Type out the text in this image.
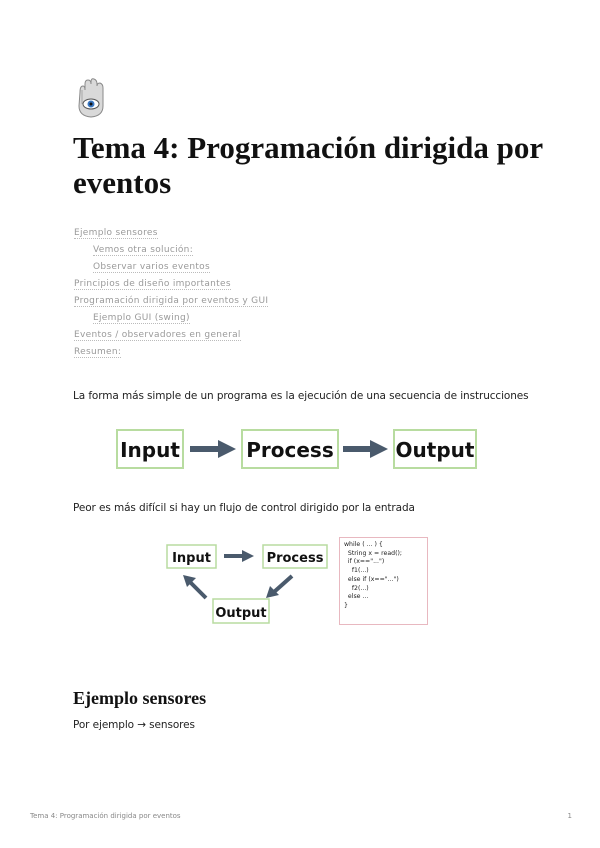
Tema 4: Programación dirigida por eventos
Ejemplo sensores
Vemos otra solución:
Observar varios eventos
Principios de diseño importantes
Programación dirigida por eventos y GUI
Ejemplo GUI (swing)
Eventos / observadores en general
Resumen:
La forma más simple de un programa es la ejecución de una secuencia de instrucciones
Input	Process	Output
Peor es más difícil si hay un flujo de control dirigido por la entrada
Input	Process
Output
while ( ... ) {
String x = read();
if (x=="...")
f1(...)
else if (x=="...")
f2(...)
else ...
}
Ejemplo sensores
Por ejemplo → sensores
Tema 4: Programación dirigida por eventos	1
